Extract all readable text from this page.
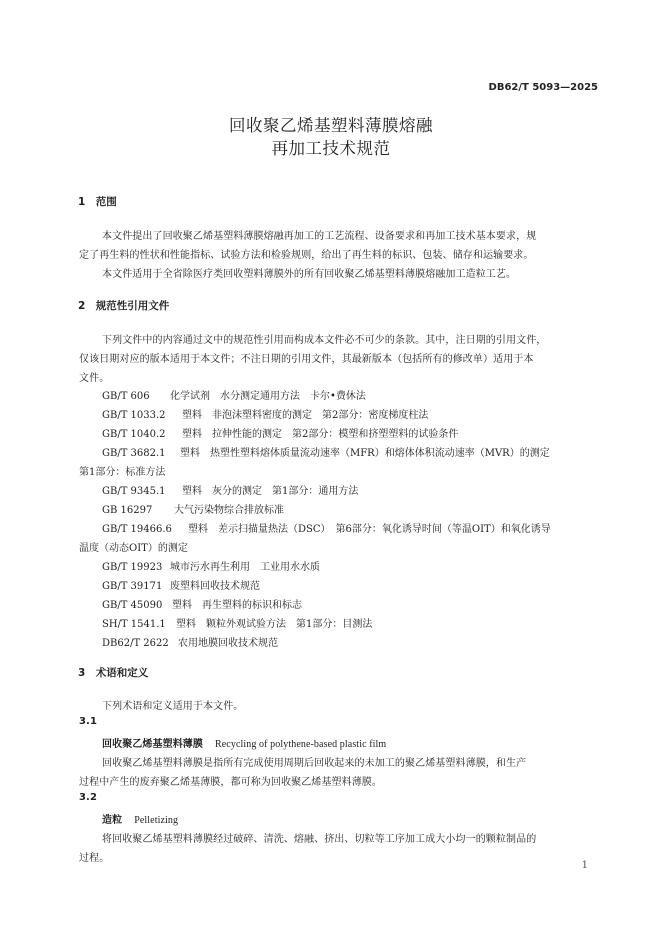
DB62/T 5093—2025
回收聚乙烯基塑料薄膜熔融
再加工技术规范
1　范围
本文件提出了回收聚乙烯基塑料薄膜熔融再加工的工艺流程、设备要求和再加工技术基本要求，规
定了再生料的性状和性能指标、试验方法和检验规则，给出了再生料的标识、包装、储存和运输要求。
本文件适用于全省除医疗类回收塑料薄膜外的所有回收聚乙烯基塑料薄膜熔融加工造粒工艺。
2　规范性引用文件
下列文件中的内容通过文中的规范性引用而构成本文件必不可少的条款。其中，注日期的引用文件，
仅该日期对应的版本适用于本文件；不注日期的引用文件，其最新版本（包括所有的修改单）适用于本
文件。
GB/T 606 化学试剂　水分测定通用方法　卡尔•费休法
GB/T 1033.2 塑料　非泡沫塑料密度的测定　第2部分：密度梯度柱法
GB/T 1040.2 塑料　拉伸性能的测定　第2部分：模塑和挤塑塑料的试验条件
GB/T 3682.1 塑料　热塑性塑料熔体质量流动速率（MFR）和熔体体积流动速率（MVR）的测定
第1部分：标准方法
GB/T 9345.1 塑料　灰分的测定　第1部分：通用方法
GB 16297 大气污染物综合排放标准
GB/T 19466.6 塑料　差示扫描量热法（DSC）　第6部分：氧化诱导时间（等温OIT）和氧化诱导
温度（动态OIT）的测定
GB/T 19923 城市污水再生利用　工业用水水质
GB/T 39171 废塑料回收技术规范
GB/T 45090 塑料　再生塑料的标识和标志
SH/T 1541.1 塑料　颗粒外观试验方法　第1部分：目测法
DB62/T 2622 农用地膜回收技术规范
3　术语和定义
下列术语和定义适用于本文件。
3.1
回收聚乙烯基塑料薄膜 Recycling of polythene-based plastic film
回收聚乙烯基塑料薄膜是指所有完成使用周期后回收起来的未加工的聚乙烯基塑料薄膜，和生产
过程中产生的废弃聚乙烯基薄膜，都可称为回收聚乙烯基塑料薄膜。
3.2
造粒 Pelletizing
将回收聚乙烯基塑料薄膜经过破碎、清洗、熔融、挤出、切粒等工序加工成大小均一的颗粒制品的
过程。
1
